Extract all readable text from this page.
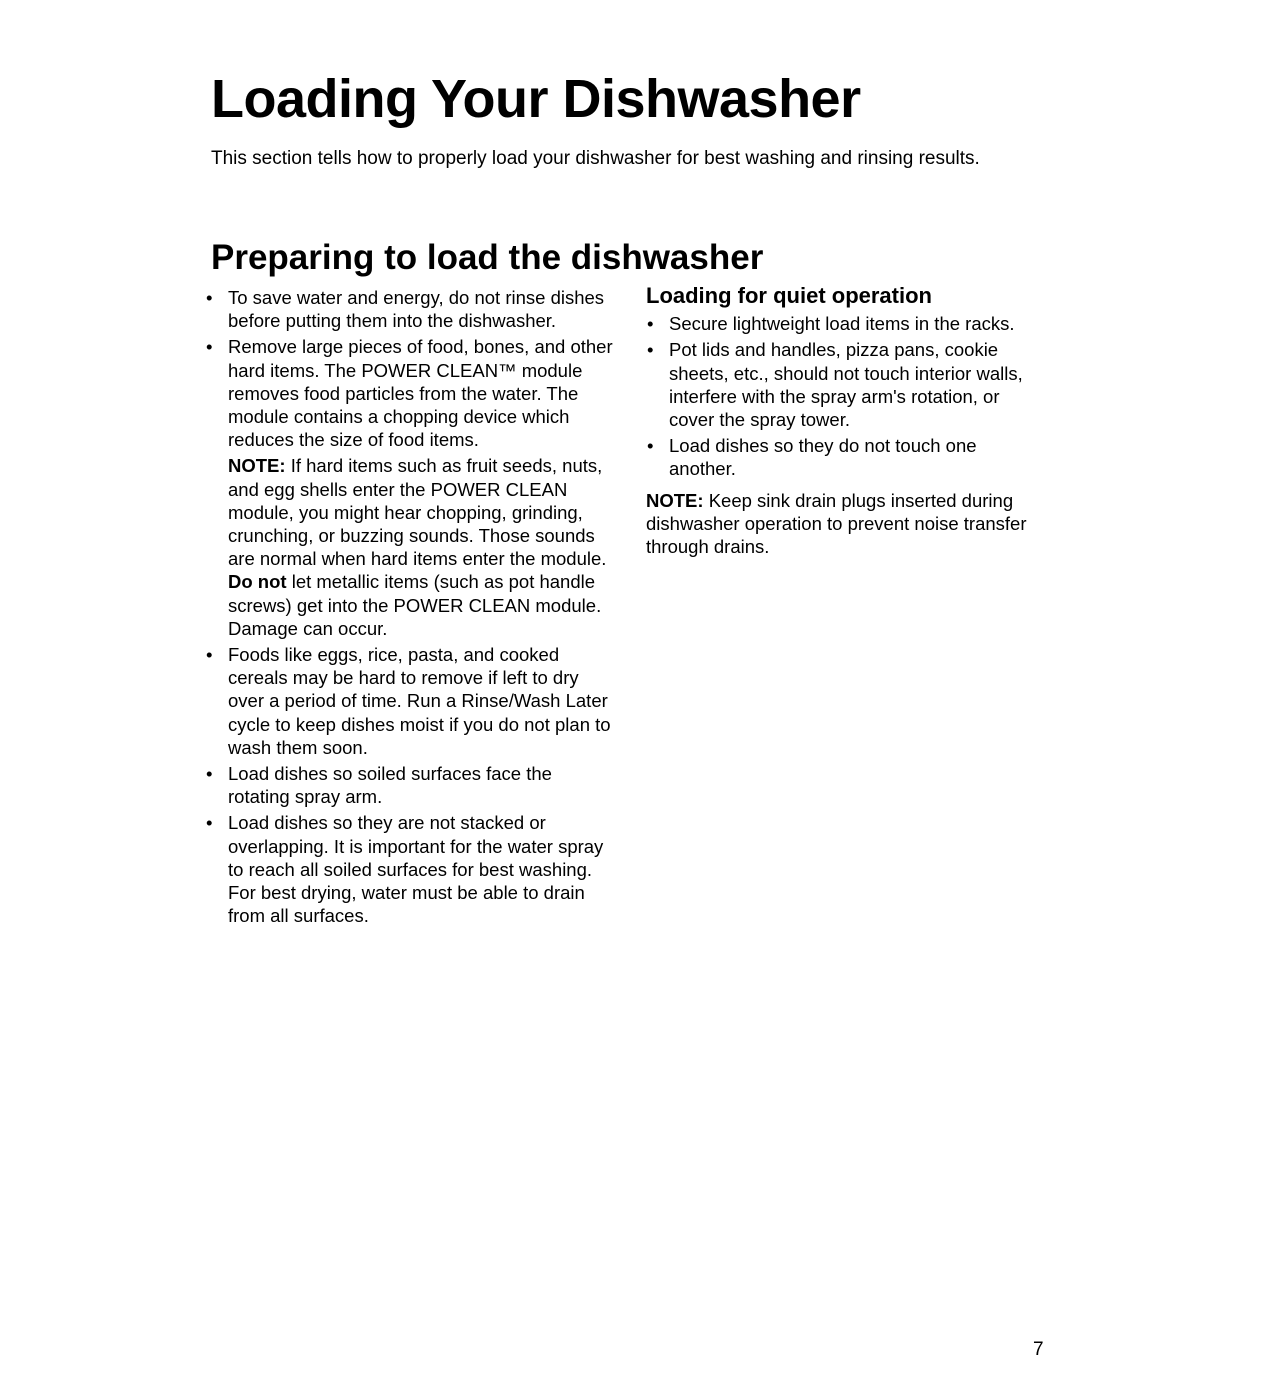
Loading Your Dishwasher

This section tells how to properly load your dishwasher for best washing and rinsing results.

Preparing to load the dishwasher
• To save water and energy, do not rinse dishes before putting them into the dishwasher.
• Remove large pieces of food, bones, and other hard items. The POWER CLEAN™ module removes food particles from the water. The module contains a chopping device which reduces the size of food items.
NOTE: If hard items such as fruit seeds, nuts, and egg shells enter the POWER CLEAN module, you might hear chopping, grinding, crunching, or buzzing sounds. Those sounds are normal when hard items enter the module. Do not let metallic items (such as pot handle screws) get into the POWER CLEAN module. Damage can occur.
• Foods like eggs, rice, pasta, and cooked cereals may be hard to remove if left to dry over a period of time. Run a Rinse/Wash Later cycle to keep dishes moist if you do not plan to wash them soon.
• Load dishes so soiled surfaces face the rotating spray arm.
• Load dishes so they are not stacked or overlapping. It is important for the water spray to reach all soiled surfaces for best washing. For best drying, water must be able to drain from all surfaces.
Loading for quiet operation
• Secure lightweight load items in the racks.
• Pot lids and handles, pizza pans, cookie sheets, etc., should not touch interior walls, interfere with the spray arm's rotation, or cover the spray tower.
• Load dishes so they do not touch one another.
NOTE: Keep sink drain plugs inserted during dishwasher operation to prevent noise transfer through drains.
7
